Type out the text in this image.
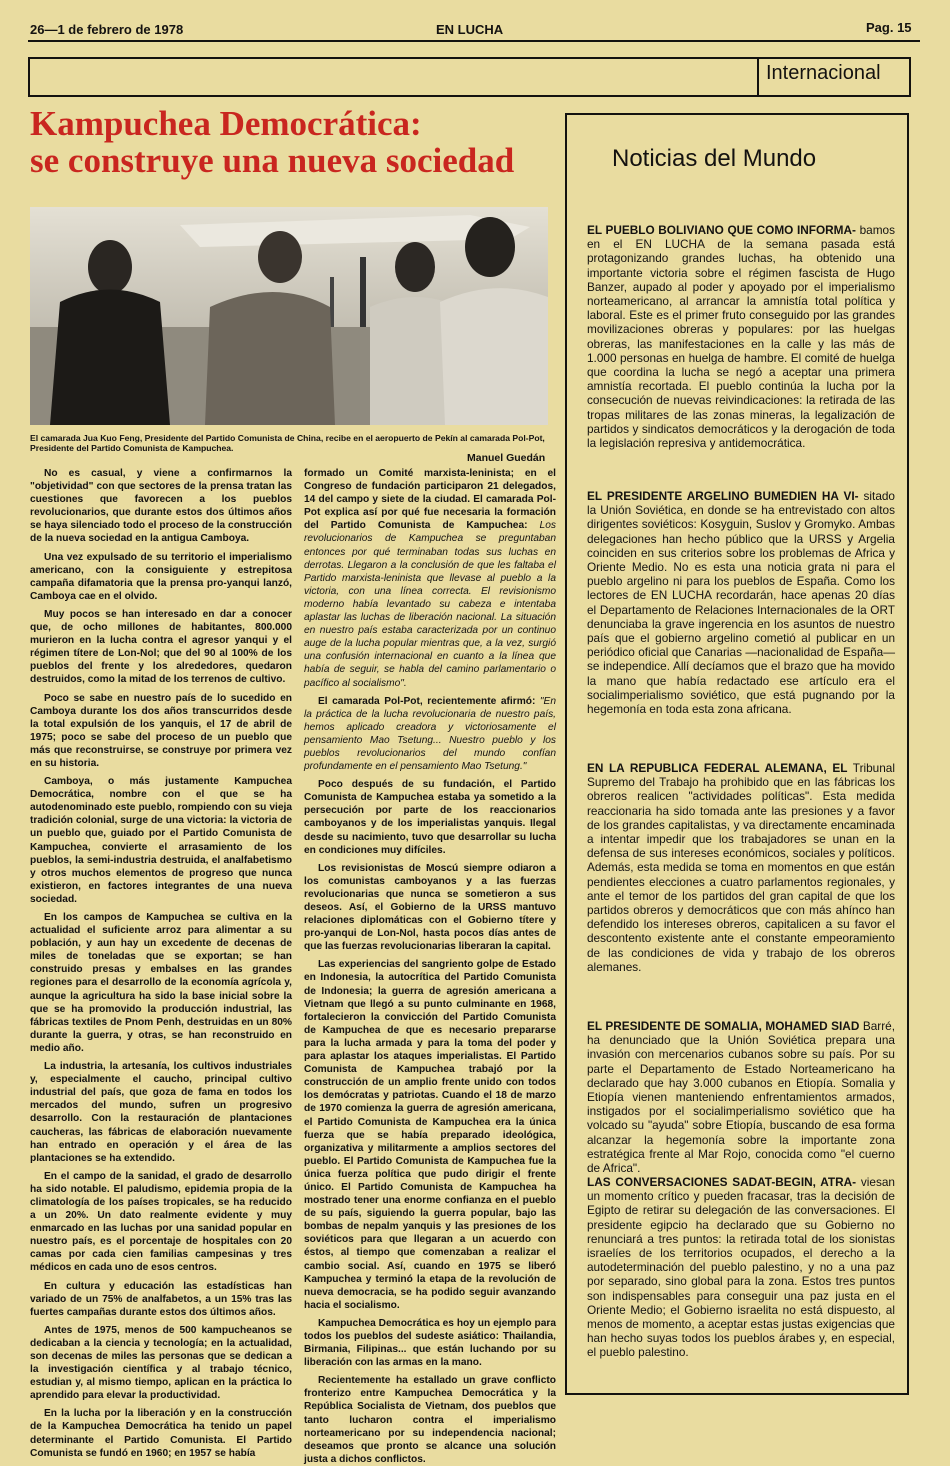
26—1 de febrero de 1978	EN LUCHA	Pag. 15
Internacional
Kampuchea Democrática:
se construye una nueva sociedad
El camarada Jua Kuo Feng, Presidente del Partido Comunista de China, recibe en el aeropuerto de Pekín al camarada Pol-Pot, Presidente del Partido Comunista de Kampuchea.
Manuel Guedán

No es casual, y viene a confirmarnos la "objetividad" con que sectores de la prensa tratan las cuestiones que favorecen a los pueblos revolucionarios, que durante estos dos últimos años se haya silenciado todo el proceso de la construcción de la nueva sociedad en la antigua Camboya.

Una vez expulsado de su territorio el imperialismo americano, con la consiguiente y estrepitosa campaña difamatoria que la prensa pro-yanqui lanzó, Camboya cae en el olvido.

Muy pocos se han interesado en dar a conocer que, de ocho millones de habitantes, 800.000 murieron en la lucha contra el agresor yanqui y el régimen títere de Lon-Nol; que del 90 al 100% de los pueblos del frente y los alrededores, quedaron destruidos, como la mitad de los terrenos de cultivo.

Poco se sabe en nuestro país de lo sucedido en Camboya durante los dos años transcurridos desde la total expulsión de los yanquis, el 17 de abril de 1975; poco se sabe del proceso de un pueblo que más que reconstruirse, se construye por primera vez en su historia.

Camboya, o más justamente Kampuchea Democrática, nombre con el que se ha autodenominado este pueblo, rompiendo con su vieja tradición colonial, surge de una victoria: la victoria de un pueblo que, guiado por el Partido Comunista de Kampuchea, convierte el arrasamiento de los pueblos, la semi-industria destruida, el analfabetismo y otros muchos elementos de progreso que nunca existieron, en factores integrantes de una nueva sociedad.

En los campos de Kampuchea se cultiva en la actualidad el suficiente arroz para alimentar a su población, y aun hay un excedente de decenas de miles de toneladas que se exportan; se han construido presas y embalses en las grandes regiones para el desarrollo de la economía agrícola y, aunque la agricultura ha sido la base inicial sobre la que se ha promovido la producción industrial, las fábricas textiles de Pnom Penh, destruidas en un 80% durante la guerra, y otras, se han reconstruido en medio año.

La industria, la artesanía, los cultivos industriales y, especialmente el caucho, principal cultivo industrial del país, que goza de fama en todos los mercados del mundo, sufren un progresivo desarrollo. Con la restauración de plantaciones caucheras, las fábricas de elaboración nuevamente han entrado en operación y el área de las plantaciones se ha extendido.

En el campo de la sanidad, el grado de desarrollo ha sido notable. El paludismo, epidemia propia de la climatología de los países tropicales, se ha reducido a un 20%. Un dato realmente evidente y muy enmarcado en las luchas por una sanidad popular en nuestro país, es el porcentaje de hospitales con 20 camas por cada cien familias campesinas y tres médicos en cada uno de esos centros.

En cultura y educación las estadísticas han variado de un 75% de analfabetos, a un 15% tras las fuertes campañas durante estos dos últimos años.

Antes de 1975, menos de 500 kampucheanos se dedicaban a la ciencia y tecnología; en la actualidad, son decenas de miles las personas que se dedican a la investigación científica y al trabajo técnico, estudian y, al mismo tiempo, aplican en la práctica lo aprendido para elevar la productividad.

En la lucha por la liberación y en la construcción de la Kampuchea Democrática ha tenido un papel determinante el Partido Comunista. El Partido Comunista se fundó en 1960; en 1957 se había

formado un Comité marxista-leninista; en el Congreso de fundación participaron 21 delegados, 14 del campo y siete de la ciudad. El camarada Pol-Pot explica así por qué fue necesaria la formación del Partido Comunista de Kampuchea: Los revolucionarios de Kampuchea se preguntaban entonces por qué terminaban todas sus luchas en derrotas. Llegaron a la conclusión de que les faltaba el Partido marxista-leninista que llevase al pueblo a la victoria, con una línea correcta. El revisionismo moderno había levantado su cabeza e intentaba aplastar las luchas de liberación nacional. La situación en nuestro país estaba caracterizada por un continuo auge de la lucha popular mientras que, a la vez, surgió una confusión internacional en cuanto a la línea que había de seguir, se habla del camino parlamentario o pacífico al socialismo".

El camarada Pol-Pot, recientemente afirmó: "En la práctica de la lucha revolucionaria de nuestro país, hemos aplicado creadora y victoriosamente el pensamiento Mao Tsetung... Nuestro pueblo y los pueblos revolucionarios del mundo confían profundamente en el pensamiento Mao Tsetung."

Poco después de su fundación, el Partido Comunista de Kampuchea estaba ya sometido a la persecución por parte de los reaccionarios camboyanos y de los imperialistas yanquis. Ilegal desde su nacimiento, tuvo que desarrollar su lucha en condiciones muy difíciles.

Los revisionistas de Moscú siempre odiaron a los comunistas camboyanos y a las fuerzas revolucionarias que nunca se sometieron a sus deseos. Así, el Gobierno de la URSS mantuvo relaciones diplomáticas con el Gobierno títere y pro-yanqui de Lon-Nol, hasta pocos días antes de que las fuerzas revolucionarias liberaran la capital.

Las experiencias del sangriento golpe de Estado en Indonesia, la autocrítica del Partido Comunista de Indonesia; la guerra de agresión americana a Vietnam que llegó a su punto culminante en 1968, fortalecieron la convicción del Partido Comunista de Kampuchea de que es necesario prepararse para la lucha armada y para la toma del poder y para aplastar los ataques imperialistas. El Partido Comunista de Kampuchea trabajó por la construcción de un amplio frente unido con todos los demócratas y patriotas. Cuando el 18 de marzo de 1970 comienza la guerra de agresión americana, el Partido Comunista de Kampuchea era la única fuerza que se había preparado ideológica, organizativa y militarmente a amplios sectores del pueblo. El Partido Comunista de Kampuchea fue la única fuerza política que pudo dirigir el frente único. El Partido Comunista de Kampuchea ha mostrado tener una enorme confianza en el pueblo de su país, siguiendo la guerra popular, bajo las bombas de nepalm yanquis y las presiones de los soviéticos para que llegaran a un acuerdo con éstos, al tiempo que comenzaban a realizar el cambio social. Así, cuando en 1975 se liberó Kampuchea y terminó la etapa de la revolución de nueva democracia, se ha podido seguir avanzando hacia el socialismo.

Kampuchea Democrática es hoy un ejemplo para todos los pueblos del sudeste asiático: Thailandia, Birmania, Filipinas... que están luchando por su liberación con las armas en la mano.

Recientemente ha estallado un grave conflicto fronterizo entre Kampuchea Democrática y la República Socialista de Vietnam, dos pueblos que tanto lucharon contra el imperialismo norteamericano por su independencia nacional; deseamos que pronto se alcance una solución justa a dichos conflictos.

Noticias del Mundo
EL PUEBLO BOLIVIANO QUE COMO INFORMA- bamos en el EN LUCHA de la semana pasada está protagonizando grandes luchas, ha obtenido una importante victoria sobre el régimen fascista de Hugo Banzer, aupado al poder y apoyado por el imperialismo norteamericano, al arrancar la amnistía total política y laboral. Este es el primer fruto conseguido por las grandes movilizaciones obreras y populares: por las huelgas obreras, las manifestaciones en la calle y las más de 1.000 personas en huelga de hambre. El comité de huelga que coordina la lucha se negó a aceptar una primera amnistía recortada. El pueblo continúa la lucha por la consecución de nuevas reivindicaciones: la retirada de las tropas militares de las zonas mineras, la legalización de partidos y sindicatos democráticos y la derogación de toda la legislación represiva y antidemocrática.
EL PRESIDENTE ARGELINO BUMEDIEN HA VI- sitado la Unión Soviética, en donde se ha entrevistado con altos dirigentes soviéticos: Kosyguin, Suslov y Gromyko. Ambas delegaciones han hecho público que la URSS y Argelia coinciden en sus criterios sobre los problemas de Africa y Oriente Medio. No es esta una noticia grata ni para el pueblo argelino ni para los pueblos de España. Como los lectores de EN LUCHA recordarán, hace apenas 20 días el Departamento de Relaciones Internacionales de la ORT denunciaba la grave ingerencia en los asuntos de nuestro país que el gobierno argelino cometió al publicar en un periódico oficial que Canarias —nacionalidad de España— se independice. Allí decíamos que el brazo que ha movido la mano que había redactado ese artículo era el socialimperialismo soviético, que está pugnando por la hegemonía en toda esta zona africana.
EN LA REPUBLICA FEDERAL ALEMANA, EL Tribunal Supremo del Trabajo ha prohibido que en las fábricas los obreros realicen "actividades políticas". Esta medida reaccionaria ha sido tomada ante las presiones y a favor de los grandes capitalistas, y va directamente encaminada a intentar impedir que los trabajadores se unan en la defensa de sus intereses económicos, sociales y políticos. Además, esta medida se toma en momentos en que están pendientes elecciones a cuatro parlamentos regionales, y ante el temor de los partidos del gran capital de que los partidos obreros y democráticos que con más ahínco han defendido los intereses obreros, capitalicen a su favor el descontento existente ante el constante empeoramiento de las condiciones de vida y trabajo de los obreros alemanes.
EL PRESIDENTE DE SOMALIA, MOHAMED SIAD Barré, ha denunciado que la Unión Soviética prepara una invasión con mercenarios cubanos sobre su país. Por su parte el Departamento de Estado Norteamericano ha declarado que hay 3.000 cubanos en Etiopía. Somalia y Etiopía vienen manteniendo enfrentamientos armados, instigados por el socialimperialismo soviético que ha volcado su "ayuda" sobre Etiopía, buscando de esa forma alcanzar la hegemonía sobre la importante zona estratégica frente al Mar Rojo, conocida como "el cuerno de Africa".
LAS CONVERSACIONES SADAT-BEGIN, ATRA- viesan un momento crítico y pueden fracasar, tras la decisión de Egipto de retirar su delegación de las conversaciones. El presidente egipcio ha declarado que su Gobierno no renunciará a tres puntos: la retirada total de los sionistas israelíes de los territorios ocupados, el derecho a la autodeterminación del pueblo palestino, y no a una paz por separado, sino global para la zona. Estos tres puntos son indispensables para conseguir una paz justa en el Oriente Medio; el Gobierno israelita no está dispuesto, al menos de momento, a aceptar estas justas exigencias que han hecho suyas todos los pueblos árabes y, en especial, el pueblo palestino.
